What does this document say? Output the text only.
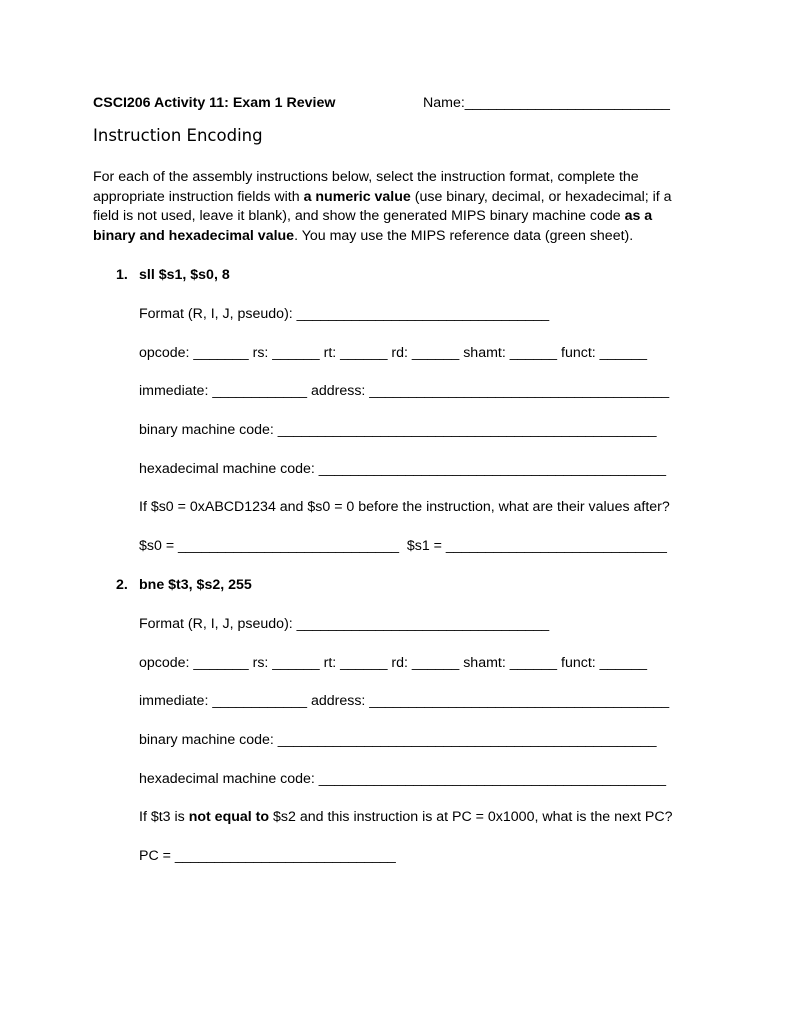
CSCI206 Activity 11: Exam 1 Review	Name:__________________________
Instruction Encoding
For each of the assembly instructions below, select the instruction format, complete the
appropriate instruction fields with a numeric value (use binary, decimal, or hexadecimal; if a
field is not used, leave it blank), and show the generated MIPS binary machine code as a
binary and hexadecimal value. You may use the MIPS reference data (green sheet).
1. sll $s1, $s0, 8
Format (R, I, J, pseudo): ________________________________
opcode: _______ rs: ______ rt: ______ rd: ______ shamt: ______ funct: ______
immediate: ____________ address: ______________________________________
binary machine code: ________________________________________________
hexadecimal machine code: ____________________________________________
If $s0 = 0xABCD1234 and $s0 = 0 before the instruction, what are their values after?
$s0 = ____________________________  $s1 = ____________________________
2. bne $t3, $s2, 255
Format (R, I, J, pseudo): ________________________________
opcode: _______ rs: ______ rt: ______ rd: ______ shamt: ______ funct: ______
immediate: ____________ address: ______________________________________
binary machine code: ________________________________________________
hexadecimal machine code: ____________________________________________
If $t3 is not equal to $s2 and this instruction is at PC = 0x1000, what is the next PC?
PC = ____________________________
